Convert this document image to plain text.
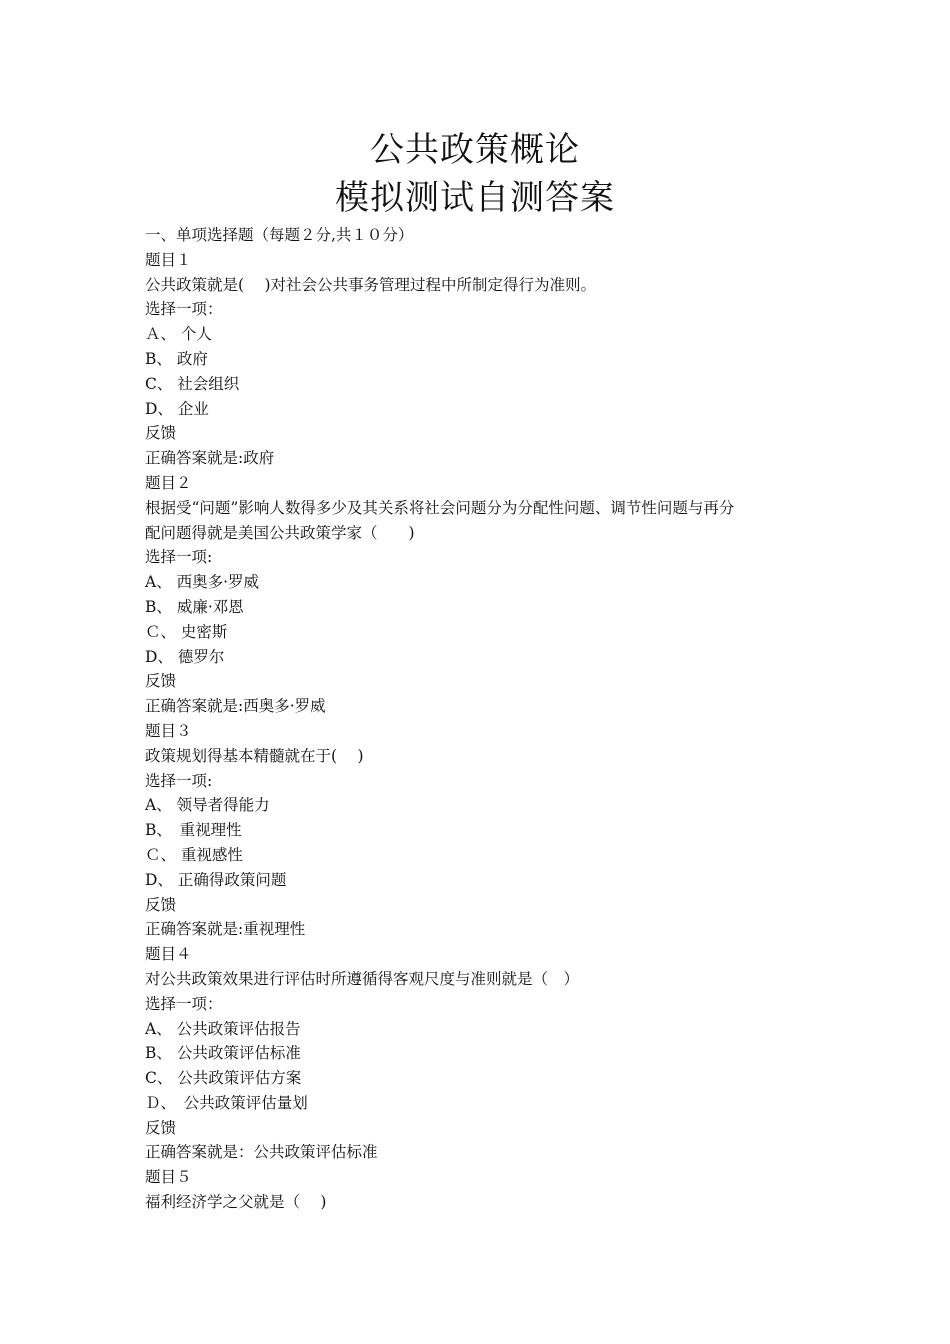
公共政策概论
模拟测试自测答案
一、单项选择题（每题２分,共１０分）
题目１
公共政策就是(　 )对社会公共事务管理过程中所制定得行为准则。
选择一项：
Ａ、 个人
B、 政府
C、 社会组织
D、 企业
反馈
正确答案就是:政府
题目２
根据受“问题”影响人数得多少及其关系将社会问题分为分配性问题、调节性问题与再分
配问题得就是美国公共政策学家（　　)
选择一项:
A、 西奥多·罗威
B、 威廉·邓恩
Ｃ、 史密斯
D、 德罗尔
反馈
正确答案就是:西奥多·罗威
题目３
政策规划得基本精髓就在于(　 )
选择一项:
A、 领导者得能力
B、　重视理性
Ｃ、 重视感性
D、 正确得政策问题
反馈
正确答案就是:重视理性
题目４
对公共政策效果进行评估时所遵循得客观尺度与准则就是（　）
选择一项：
A、 公共政策评估报告
B、 公共政策评估标准
C、 公共政策评估方案
Ｄ、　公共政策评估量划
反馈
正确答案就是：公共政策评估标准
题目５
福利经济学之父就是（　 )
